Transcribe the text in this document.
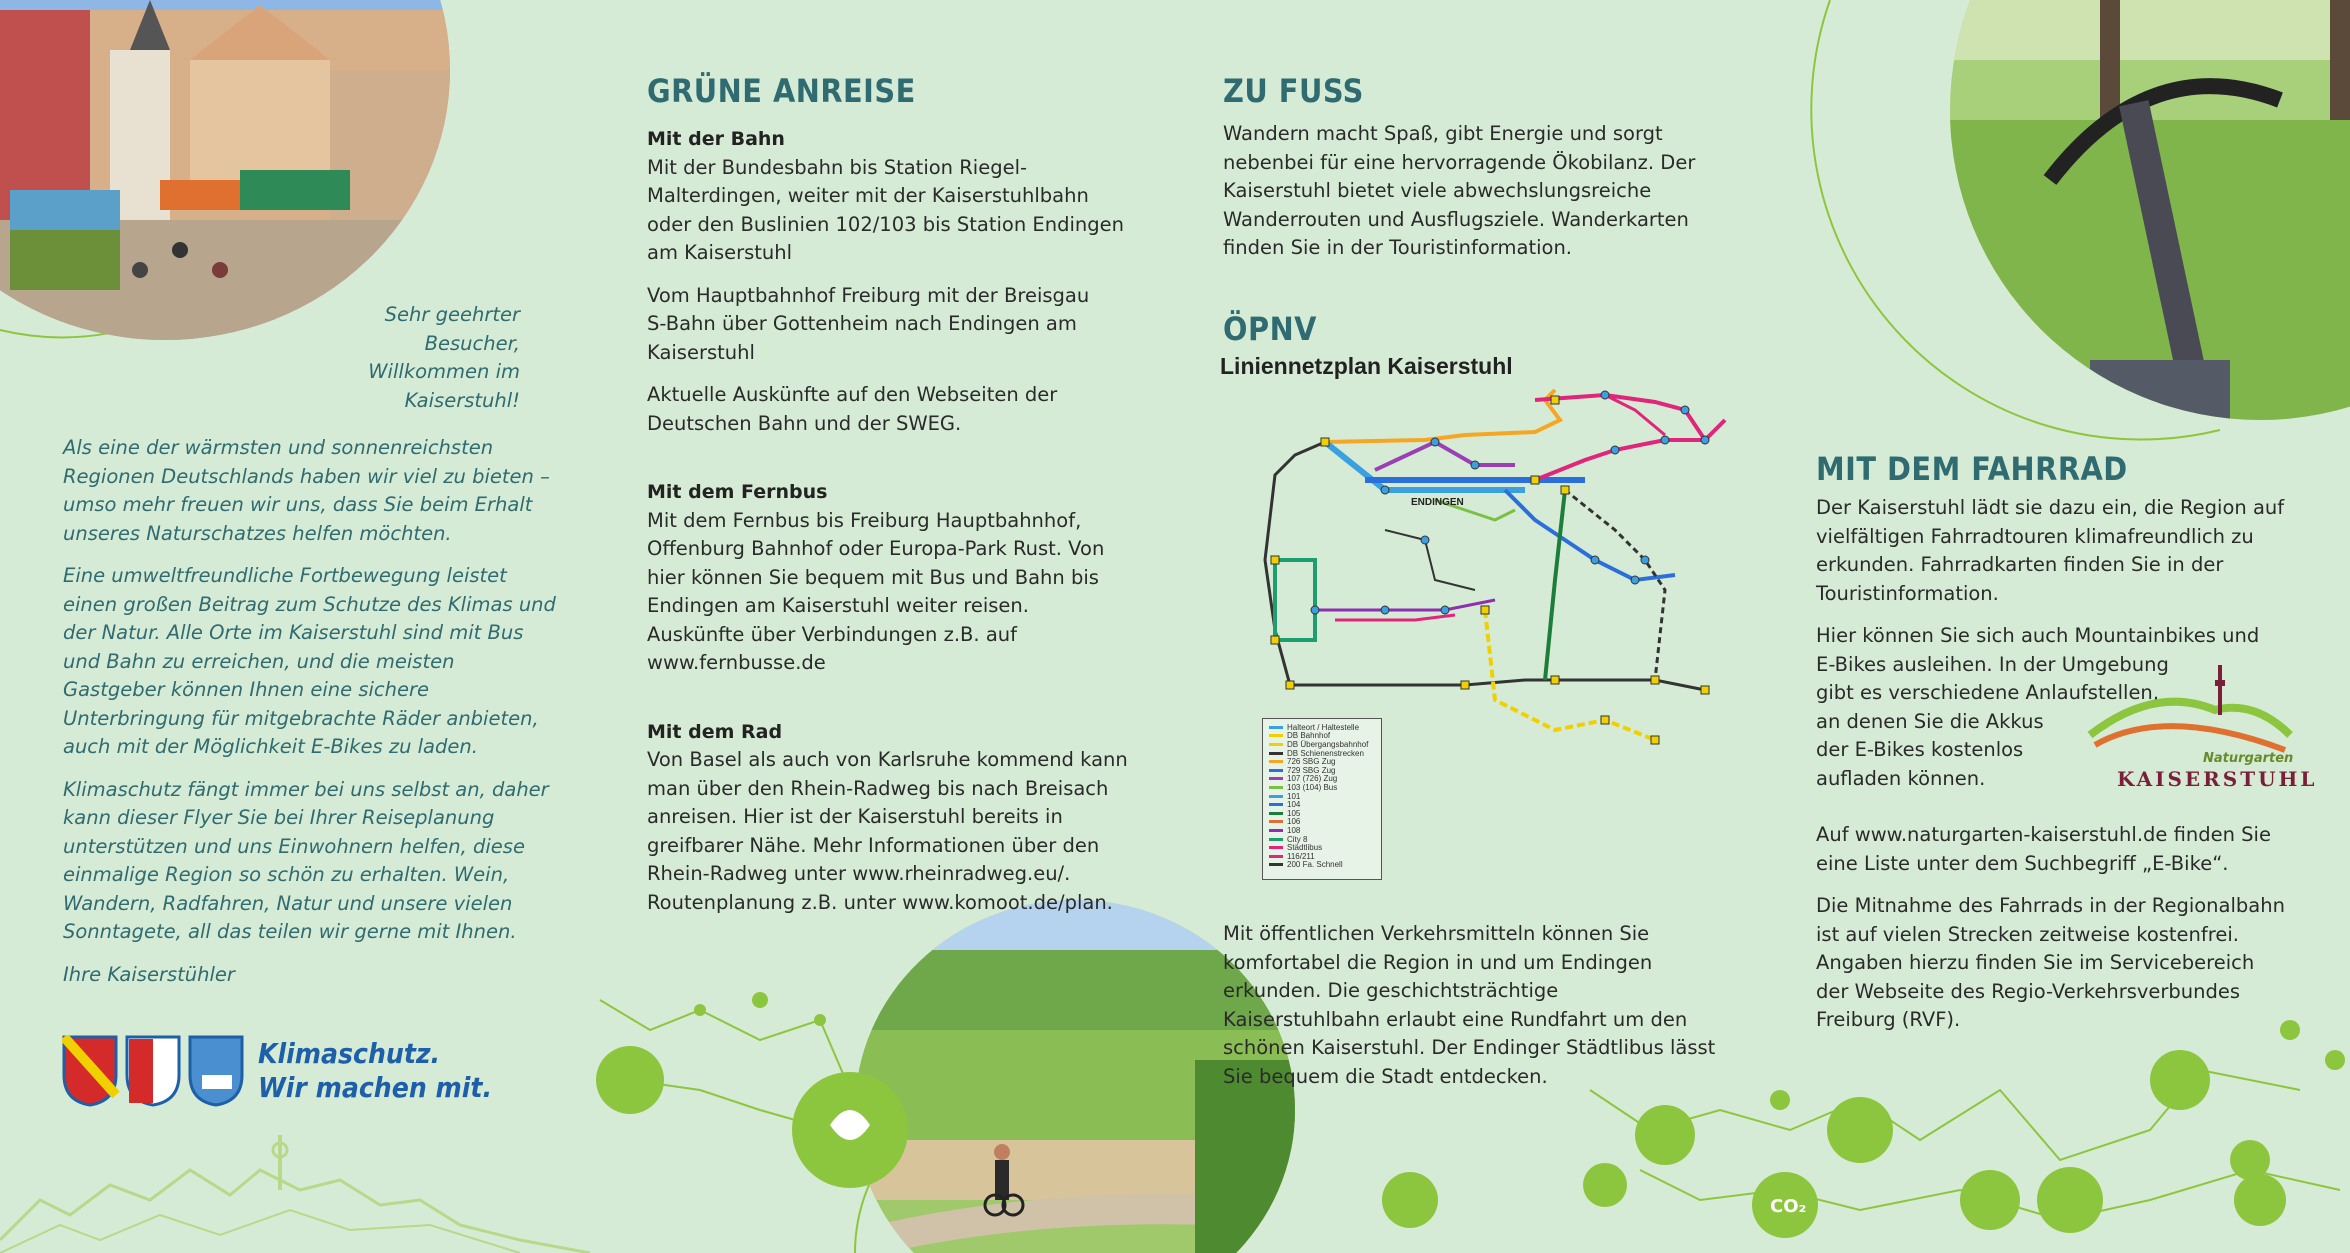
Sehr geehrter
Besucher,
Willkommen im
Kaiserstuhl!

Als eine der wärmsten und sonnenreichsten
Regionen Deutschlands haben wir viel zu bieten –
umso mehr freuen wir uns, dass Sie beim Erhalt
unseres Naturschatzes helfen möchten.

Eine umweltfreundliche Fortbewegung leistet
einen großen Beitrag zum Schutze des Klimas und
der Natur. Alle Orte im Kaiserstuhl sind mit Bus
und Bahn zu erreichen, und die meisten
Gastgeber können Ihnen eine sichere
Unterbringung für mitgebrachte Räder anbieten,
auch mit der Möglichkeit E-Bikes zu laden.

Klimaschutz fängt immer bei uns selbst an, daher
kann dieser Flyer Sie bei Ihrer Reiseplanung
unterstützen und uns Einwohnern helfen, diese
einmalige Region so schön zu erhalten. Wein,
Wandern, Radfahren, Natur und unsere vielen
Sonntagete, all das teilen wir gerne mit Ihnen.

Ihre Kaiserstühler

Klimaschutz.
Wir machen mit.
GRÜNE ANREISE
Mit der Bahn

Mit der Bundesbahn bis Station Riegel-
Malterdingen, weiter mit der Kaiserstuhlbahn
oder den Buslinien 102/103 bis Station Endingen
am Kaiserstuhl

Vom Hauptbahnhof Freiburg mit der Breisgau
S-Bahn über Gottenheim nach Endingen am
Kaiserstuhl

Aktuelle Auskünfte auf den Webseiten der
Deutschen Bahn und der SWEG.

Mit dem Fernbus

Mit dem Fernbus bis Freiburg Hauptbahnhof,
Offenburg Bahnhof oder Europa-Park Rust. Von
hier können Sie bequem mit Bus und Bahn bis
Endingen am Kaiserstuhl weiter reisen.
Auskünfte über Verbindungen z.B. auf
www.fernbusse.de

Mit dem Rad

Von Basel als auch von Karlsruhe kommend kann
man über den Rhein-Radweg bis nach Breisach
anreisen. Hier ist der Kaiserstuhl bereits in
greifbarer Nähe. Mehr Informationen über den
Rhein-Radweg unter www.rheinradweg.eu/.
Routenplanung z.B. unter www.komoot.de/plan.

ZU FUSS
Wandern macht Spaß, gibt Energie und sorgt
nebenbei für eine hervorragende Ökobilanz. Der
Kaiserstuhl bietet viele abwechslungsreiche
Wanderrouten und Ausflugsziele. Wanderkarten
finden Sie in der Touristinformation.
ÖPNV
Liniennetzplan Kaiserstuhl
ENDINGEN
Halteort / Haltestelle
DB Bahnhof
DB Übergangsbahnhof
DB Schienenstrecken
726 SBG Zug
729 SBG Zug
107 (726) Zug
103 (104) Bus
101
104
105
106
108
City 8
Städtlibus
116/211
200 Fa. Schnell
Mit öffentlichen Verkehrsmitteln können Sie
komfortabel die Region in und um Endingen
erkunden. Die geschichtsträchtige
Kaiserstuhlbahn erlaubt eine Rundfahrt um den
schönen Kaiserstuhl. Der Endinger Städtlibus lässt
Sie bequem die Stadt entdecken.
MIT DEM FAHRRAD

Der Kaiserstuhl lädt sie dazu ein, die Region auf
vielfältigen Fahrradtouren klimafreundlich zu
erkunden. Fahrradkarten finden Sie in der
Touristinformation.

Hier können Sie sich auch Mountainbikes und
E-Bikes ausleihen. In der Umgebung
gibt es verschiedene Anlaufstellen,
an denen Sie die Akkus
der E-Bikes kostenlos
aufladen können.

Auf www.naturgarten-kaiserstuhl.de finden Sie
eine Liste unter dem Suchbegriff „E-Bike“.

Die Mitnahme des Fahrrads in der Regionalbahn
ist auf vielen Strecken zeitweise kostenfrei.
Angaben hierzu finden Sie im Servicebereich
der Webseite des Regio-Verkehrsverbundes
Freiburg (RVF).

Naturgarten
KAISERSTUHL
CO₂
